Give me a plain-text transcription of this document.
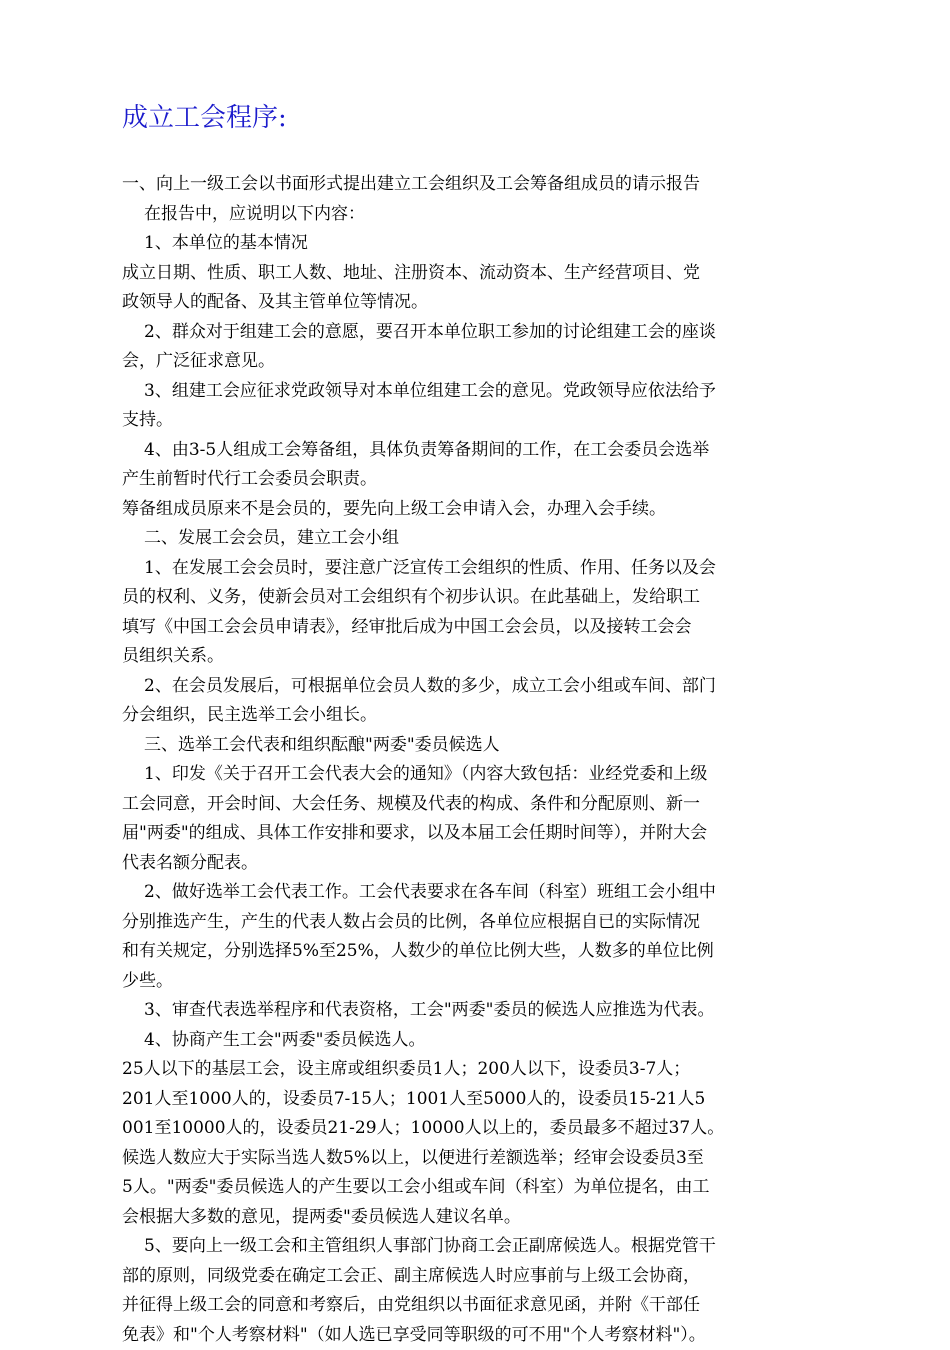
成立工会程序:

一、向上一级工会以书面形式提出建立工会组织及工会筹备组成员的请示报告

在报告中，应说明以下内容：

1、本单位的基本情况

成立日期、性质、职工人数、地址、注册资本、流动资本、生产经营项目、党

政领导人的配备、及其主管单位等情况。

2、群众对于组建工会的意愿，要召开本单位职工参加的讨论组建工会的座谈

会，广泛征求意见。

3、组建工会应征求党政领导对本单位组建工会的意见。党政领导应依法给予

支持。

4、由3-5人组成工会筹备组，具体负责筹备期间的工作，在工会委员会选举

产生前暂时代行工会委员会职责。

筹备组成员原来不是会员的，要先向上级工会申请入会，办理入会手续。

二、发展工会会员，建立工会小组

1、在发展工会会员时，要注意广泛宣传工会组织的性质、作用、任务以及会

员的权利、义务，使新会员对工会组织有个初步认识。在此基础上，发给职工

填写《中国工会会员申请表》，经审批后成为中国工会会员，以及接转工会会

员组织关系。

2、在会员发展后，可根据单位会员人数的多少，成立工会小组或车间、部门

分会组织，民主选举工会小组长。

三、选举工会代表和组织酝酿"两委"委员候选人

1、印发《关于召开工会代表大会的通知》（内容大致包括：业经党委和上级

工会同意，开会时间、大会任务、规模及代表的构成、条件和分配原则、新一

届"两委"的组成、具体工作安排和要求，以及本届工会任期时间等），并附大会

代表名额分配表。

2、做好选举工会代表工作。工会代表要求在各车间（科室）班组工会小组中

分别推选产生，产生的代表人数占会员的比例，各单位应根据自已的实际情况

和有关规定，分别选择5%至25%，人数少的单位比例大些，人数多的单位比例

少些。

3、审查代表选举程序和代表资格，工会"两委"委员的候选人应推选为代表。

4、协商产生工会"两委"委员候选人。

25人以下的基层工会，设主席或组织委员1人；200人以下，设委员3-7人；

201人至1000人的，设委员7-15人；1001人至5000人的，设委员15-21人5

001至10000人的，设委员21-29人；10000人以上的，委员最多不超过37人。

候选人数应大于实际当选人数5%以上，以便进行差额选举；经审会设委员3至

5人。"两委"委员候选人的产生要以工会小组或车间（科室）为单位提名，由工

会根据大多数的意见，提两委"委员候选人建议名单。

5、要向上一级工会和主管组织人事部门协商工会正副席候选人。根据党管干

部的原则，同级党委在确定工会正、副主席候选人时应事前与上级工会协商，

并征得上级工会的同意和考察后，由党组织以书面征求意见函，并附《干部任

免表》和"个人考察材料"（如人选已享受同等职级的可不用"个人考察材料"）。
